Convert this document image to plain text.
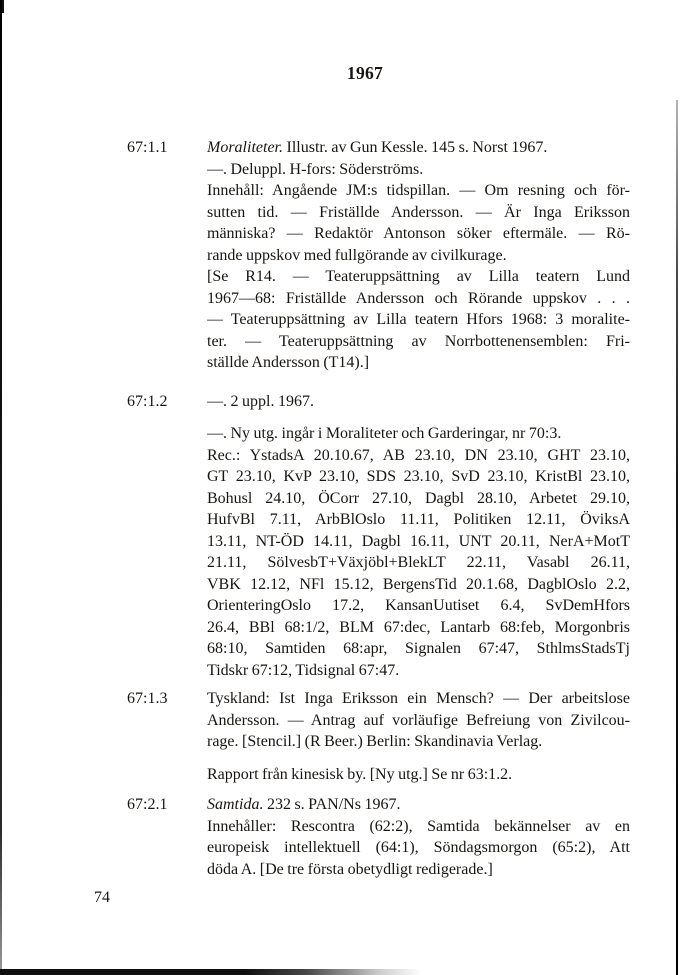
1967
67:1.1	Moraliteter. Illustr. av Gun Kessle. 145 s. Norst 1967.
—. Deluppl. H-fors: Söderströms.
Innehåll: Angående JM:s tidspillan. — Om resning och för-
sutten tid. — Friställde Andersson. — Är Inga Eriksson
människa? — Redaktör Antonson söker eftermäle. — Rö-
rande uppskov med fullgörande av civilkurage.
[Se R14. — Teateruppsättning av Lilla teatern Lund
1967—68: Friställde Andersson och Rörande uppskov . . .
— Teateruppsättning av Lilla teatern Hfors 1968: 3 moralite-
ter. — Teateruppsättning av Norrbottenensemblen: Fri-
ställde Andersson (T14).]
67:1.2	—. 2 uppl. 1967.
—. Ny utg. ingår i Moraliteter och Garderingar, nr 70:3.
Rec.: YstadsA 20.10.67, AB 23.10, DN 23.10, GHT 23.10,
GT 23.10, KvP 23.10, SDS 23.10, SvD 23.10, KristBl 23.10,
Bohusl 24.10, ÖCorr 27.10, Dagbl 28.10, Arbetet 29.10,
HufvBl 7.11, ArbBlOslo 11.11, Politiken 12.11, ÖviksA
13.11, NT-ÖD 14.11, Dagbl 16.11, UNT 20.11, NerA+MotT
21.11, SölvesbT+Växjöbl+BlekLT 22.11, Vasabl 26.11,
VBK 12.12, NFl 15.12, BergensTid 20.1.68, DagblOslo 2.2,
OrienteringOslo 17.2, KansanUutiset 6.4, SvDemHfors
26.4, BBl 68:1/2, BLM 67:dec, Lantarb 68:feb, Morgonbris
68:10, Samtiden 68:apr, Signalen 67:47, SthlmsStadsTj
Tidskr 67:12, Tidsignal 67:47.
67:1.3	Tyskland: Ist Inga Eriksson ein Mensch? — Der arbeitslose
Andersson. — Antrag auf vorläufige Befreiung von Zivilcou-
rage. [Stencil.] (R Beer.) Berlin: Skandinavia Verlag.
Rapport från kinesisk by. [Ny utg.] Se nr 63:1.2.
67:2.1	Samtida. 232 s. PAN/Ns 1967.
Innehåller: Rescontra (62:2), Samtida bekännelser av en
europeisk intellektuell (64:1), Söndagsmorgon (65:2), Att
döda A. [De tre första obetydligt redigerade.]
74
